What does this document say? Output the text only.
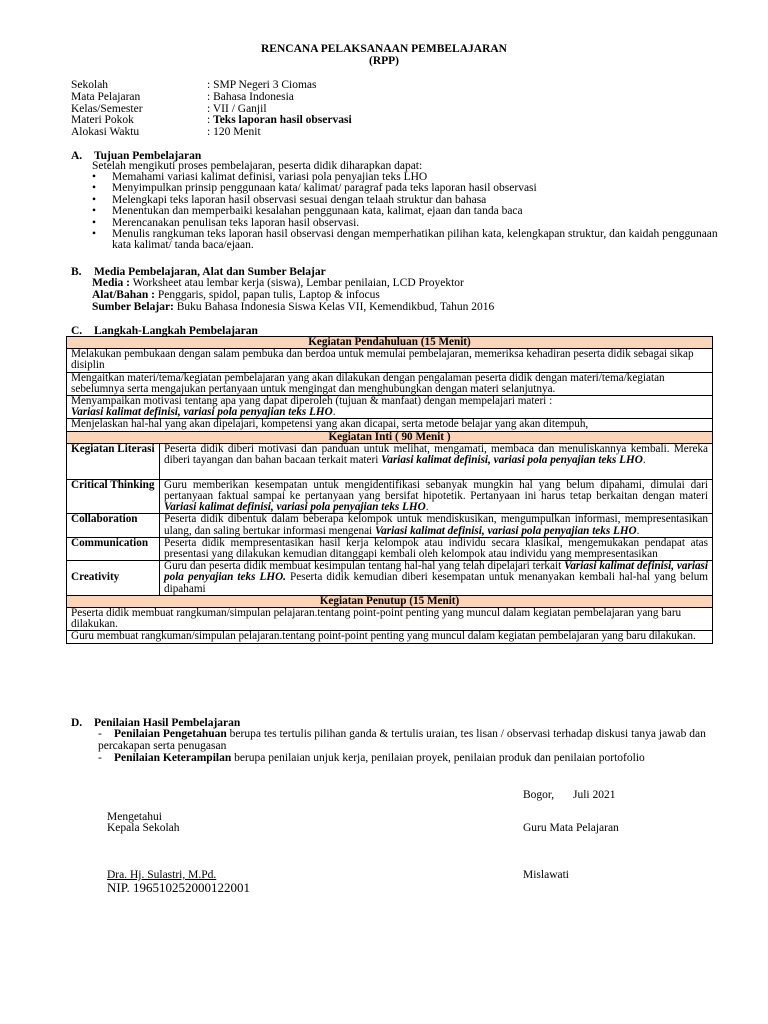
RENCANA PELAKSANAAN PEMBELAJARAN
(RPP)
Sekolah	: SMP Negeri 3 Ciomas
Mata Pelajaran	: Bahasa Indonesia
Kelas/Semester	: VII / Ganjil
Materi Pokok	: Teks laporan hasil observasi
Alokasi Waktu	: 120 Menit
A. Tujuan Pembelajaran
Setelah mengikuti proses pembelajaran, peserta didik diharapkan dapat:
• Memahami variasi kalimat definisi, variasi pola penyajian teks LHO
• Menyimpulkan prinsip penggunaan kata/ kalimat/ paragraf pada teks laporan hasil observasi
• Melengkapi teks laporan hasil observasi sesuai dengan telaah struktur dan bahasa
• Menentukan dan memperbaiki kesalahan penggunaan kata, kalimat, ejaan dan tanda baca
• Merencanakan penulisan teks laporan hasil observasi.
• Menulis rangkuman teks laporan hasil observasi dengan memperhatikan pilihan kata, kelengkapan struktur, dan kaidah penggunaan kata kalimat/ tanda baca/ejaan.
B. Media Pembelajaran, Alat dan Sumber Belajar
Media : Worksheet atau lembar kerja (siswa), Lembar penilaian, LCD Proyektor
Alat/Bahan : Penggaris, spidol, papan tulis, Laptop & infocus
Sumber Belajar: Buku Bahasa Indonesia Siswa Kelas VII, Kemendikbud, Tahun 2016
C. Langkah-Langkah Pembelajaran
Kegiatan Pendahuluan (15 Menit)	
Melakukan pembukaan dengan salam pembuka dan berdoa untuk memulai pembelajaran, memeriksa kehadiran peserta didik sebagai sikap disiplin	
Mengaitkan materi/tema/kegiatan pembelajaran yang akan dilakukan dengan pengalaman peserta didik dengan materi/tema/kegiatan sebelumnya serta mengajukan pertanyaan untuk mengingat dan menghubungkan dengan materi selanjutnya.	
Menyampaikan motivasi tentang apa yang dapat diperoleh (tujuan & manfaat) dengan mempelajari materi :
Variasi kalimat definisi, variasi pola penyajian teks LHO.	
Menjelaskan hal-hal yang akan dipelajari, kompetensi yang akan dicapai, serta metode belajar yang akan ditempuh,	
Kegiatan Inti ( 90 Menit )	
Kegiatan Literasi	Peserta didik diberi motivasi dan panduan untuk melihat, mengamati, membaca dan menuliskannya kembali. Mereka diberi tayangan dan bahan bacaan terkait materi Variasi kalimat definisi, variasi pola penyajian teks LHO.
Critical Thinking	Guru memberikan kesempatan untuk mengidentifikasi sebanyak mungkin hal yang belum dipahami, dimulai dari pertanyaan faktual sampai ke pertanyaan yang bersifat hipotetik. Pertanyaan ini harus tetap berkaitan dengan materi Variasi kalimat definisi, variasi pola penyajian teks LHO.
Collaboration	Peserta didik dibentuk dalam beberapa kelompok untuk mendiskusikan, mengumpulkan informasi, mempresentasikan ulang, dan saling bertukar informasi mengenai Variasi kalimat definisi, variasi pola penyajian teks LHO.
Communication	Peserta didik mempresentasikan hasil kerja kelompok atau individu secara klasikal, mengemukakan pendapat atas presentasi yang dilakukan kemudian ditanggapi kembali oleh kelompok atau individu yang mempresentasikan
Creativity	Guru dan peserta didik membuat kesimpulan tentang hal-hal yang telah dipelajari terkait Variasi kalimat definisi, variasi pola penyajian teks LHO. Peserta didik kemudian diberi kesempatan untuk menanyakan kembali hal-hal yang belum dipahami
Kegiatan Penutup (15 Menit)	
Peserta didik membuat rangkuman/simpulan pelajaran.tentang point-point penting yang muncul dalam kegiatan pembelajaran yang baru dilakukan.	
Guru membuat rangkuman/simpulan pelajaran.tentang point-point penting yang muncul dalam kegiatan pembelajaran yang baru dilakukan.	
D. Penilaian Hasil Pembelajaran
- Penilaian Pengetahuan berupa tes tertulis pilihan ganda & tertulis uraian, tes lisan / observasi terhadap diskusi tanya jawab dan percakapan serta penugasan
- Penilaian Keterampilan berupa penilaian unjuk kerja, penilaian proyek, penilaian produk dan penilaian portofolio
Bogor, Juli 2021
Mengetahui
Kepala Sekolah	Guru Mata Pelajaran
Dra. Hj. Sulastri, M.Pd.	Mislawati
NIP. 196510252000122001
